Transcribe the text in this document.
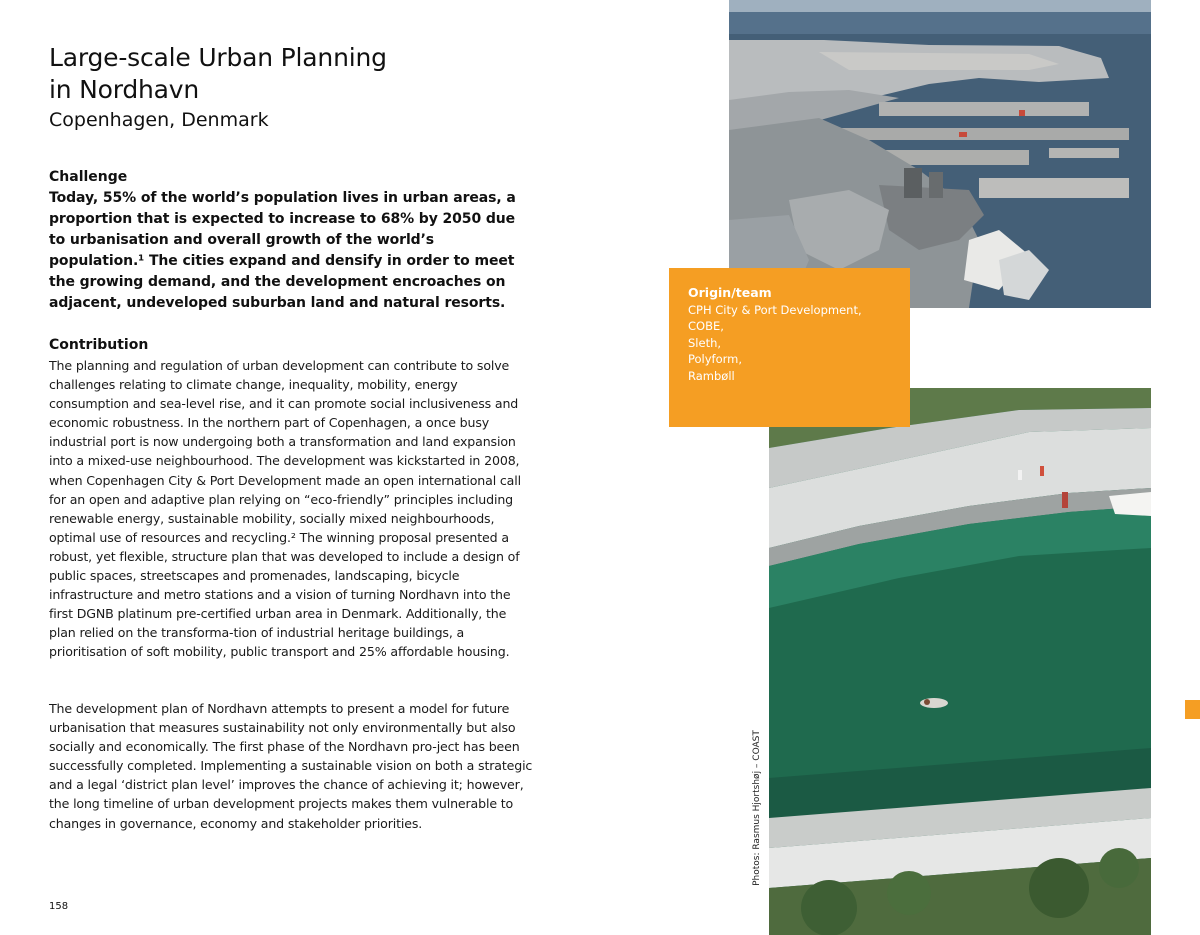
Large-scale Urban Planning
in Nordhavn
Copenhagen, Denmark
Challenge

Today, 55% of the world’s population lives in urban areas, a proportion that is expected to increase to 68% by 2050 due to urbanisation and overall growth of the world’s population.¹ The cities expand and densify in order to meet the growing demand, and the development encroaches on adjacent, undeveloped suburban land and natural resorts.

Contribution

The planning and regulation of urban development can contribute to solve challenges relating to climate change, inequality, mobility, energy consumption and sea-level rise, and it can promote social inclusiveness and economic robustness. In the northern part of Copenhagen, a once busy industrial port is now undergoing both a transformation and land expansion into a mixed-use neighbourhood. The development was kickstarted in 2008, when Copenhagen City & Port Development made an open international call for an open and adaptive plan relying on “eco-friendly” principles including renewable energy, sustainable mobility, socially mixed neighbourhoods, optimal use of resources and recycling.² The winning proposal presented a robust, yet flexible, structure plan that was developed to include a design of public spaces, streetscapes and promenades, landscaping, bicycle infrastructure and metro stations and a vision of turning Nordhavn into the first DGNB platinum pre-certified urban area in Denmark. Additionally, the plan relied on the transforma-tion of industrial heritage buildings, a prioritisation of soft mobility, public transport and 25% affordable housing.

The development plan of Nordhavn attempts to present a model for future urbanisation that measures sustainability not only environmentally but also socially and economically. The first phase of the Nordhavn pro-ject has been successfully completed. Implementing a sustainable vision on both a strategic and a legal ‘district plan level’ improves the chance of achieving it; however, the long timeline of urban development projects makes them vulnerable to changes in governance, economy and stakeholder priorities.

158
Origin/team
CPH City & Port Development,
COBE,
Sleth,
Polyform,
Rambøll
Photos: Rasmus Hjortshøj – COAST
